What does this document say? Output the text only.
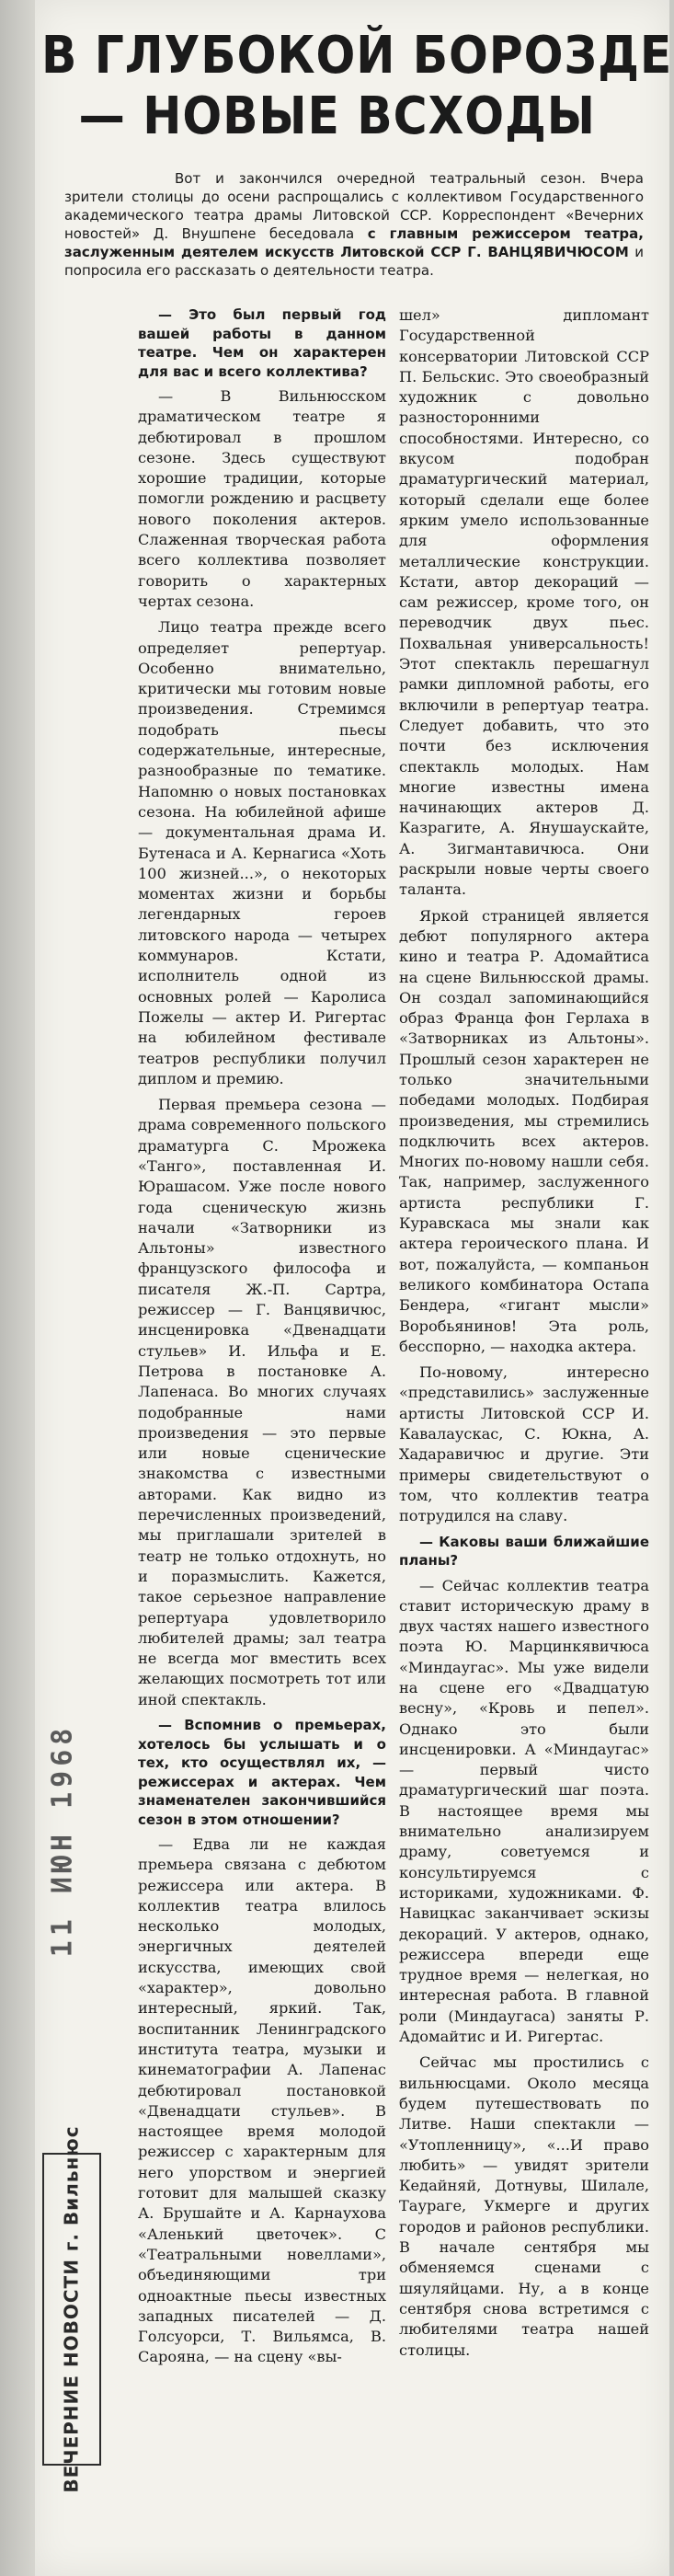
В ГЛУБОКОЙ БОРОЗДЕ
— НОВЫЕ ВСХОДЫ
Вот и закончился очередной театральный сезон. Вчера зрители столицы до осени распрощались с коллективом Государственного академического театра драмы Литовской ССР. Корреспондент «Вечерних новостей» Д. Внушпене беседовала с главным режиссером театра, заслуженным деятелем искусств Литовской ССР Г. ВАНЦЯВИЧЮСОМ и попросила его рассказать о деятельности театра.

— Это был первый год вашей работы в данном театре. Чем он характерен для вас и всего коллектива?

— В Вильнюсском драматическом театре я дебютировал в прошлом сезоне. Здесь существуют хорошие традиции, которые помогли рождению и расцвету нового поколения актеров. Слаженная творческая работа всего коллектива позволяет говорить о характерных чертах сезона.

Лицо театра прежде всего определяет репертуар. Особенно внимательно, критически мы готовим новые произведения. Стремимся подобрать пьесы содержательные, интересные, разнообразные по тематике. Напомню о новых постановках сезона. На юбилейной афише — документальная драма И. Бутенаса и А. Кернагиса «Хоть 100 жизней...», о некоторых моментах жизни и борьбы легендарных героев литовского народа — четырех коммунаров. Кстати, исполнитель одной из основных ролей — Каролиса Пожелы — актер И. Ригертас на юбилейном фестивале театров республики получил диплом и премию.

Первая премьера сезона — драма современного польского драматурга С. Мрожека «Танго», поставленная И. Юрашасом. Уже после нового года сценическую жизнь начали «Затворники из Альтоны» известного французского философа и писателя Ж.-П. Сартра, режиссер — Г. Ванцявичюс, инсценировка «Двенадцати стульев» И. Ильфа и Е. Петрова в постановке А. Лапенаса. Во многих случаях подобранные нами произведения — это первые или новые сценические знакомства с известными авторами. Как видно из перечисленных произведений, мы приглашали зрителей в театр не только отдохнуть, но и поразмыслить. Кажется, такое серьезное направление репертуара удовлетворило любителей драмы; зал театра не всегда мог вместить всех желающих посмотреть тот или иной спектакль.

— Вспомнив о премьерах, хотелось бы услышать и о тех, кто осуществлял их, — режиссерах и актерах. Чем знаменателен закончившийся сезон в этом отношении?

— Едва ли не каждая премьера связана с дебютом режиссера или актера. В коллектив театра влилось несколько молодых, энергичных деятелей искусства, имеющих свой «характер», довольно интересный, яркий. Так, воспитанник Ленинградского института театра, музыки и кинематографии А. Лапенас дебютировал постановкой «Двенадцати стульев». В настоящее время молодой режиссер с характерным для него упорством и энергией готовит для малышей сказку А. Брушайте и А. Карнаухова «Аленький цветочек». С «Театральными новеллами», объединяющими три одноактные пьесы известных западных писателей — Д. Голсуорси, Т. Вильямса, В. Сарояна, — на сцену «вы-

шел» дипломант Государственной консерватории Литовской ССР П. Бельскис. Это своеобразный художник с довольно разносторонними способностями. Интересно, со вкусом подобран драматургический материал, который сделали еще более ярким умело использованные для оформления металлические конструкции. Кстати, автор декораций — сам режиссер, кроме того, он переводчик двух пьес. Похвальная универсальность! Этот спектакль перешагнул рамки дипломной работы, его включили в репертуар театра. Следует добавить, что это почти без исключения спектакль молодых. Нам многие известны имена начинающих актеров Д. Казрагите, А. Янушаускайте, А. Зигмантавичюса. Они раскрыли новые черты своего таланта.

Яркой страницей является дебют популярного актера кино и театра Р. Адомайтиса на сцене Вильнюсской драмы. Он создал запоминающийся образ Франца фон Герлаха в «Затворниках из Альтоны». Прошлый сезон характерен не только значительными победами молодых. Подбирая произведения, мы стремились подключить всех актеров. Многих по-новому нашли себя. Так, например, заслуженного артиста республики Г. Куравскаса мы знали как актера героического плана. И вот, пожалуйста, — компаньон великого комбинатора Остапа Бендера, «гигант мысли» Воробьянинов! Эта роль, бесспорно, — находка актера.

По-новому, интересно «представились» заслуженные артисты Литовской ССР И. Кавалаускас, С. Юкна, А. Хадаравичюс и другие. Эти примеры свидетельствуют о том, что коллектив театра потрудился на славу.

— Каковы ваши ближайшие планы?

— Сейчас коллектив театра ставит историческую драму в двух частях нашего известного поэта Ю. Марцинкявичюса «Миндаугас». Мы уже видели на сцене его «Двадцатую весну», «Кровь и пепел». Однако это были инсценировки. А «Миндаугас» — первый чисто драматургический шаг поэта. В настоящее время мы внимательно анализируем драму, советуемся и консультируемся с историками, художниками. Ф. Навицкас заканчивает эскизы декораций. У актеров, однако, режиссера впереди еще трудное время — нелегкая, но интересная работа. В главной роли (Миндаугаса) заняты Р. Адомайтис и И. Ригертас.

Сейчас мы простились с вильнюсцами. Около месяца будем путешествовать по Литве. Наши спектакли — «Утопленницу», «...И право любить» — увидят зрители Кедайняй, Дотнувы, Шилале, Таураге, Укмерге и других городов и районов республики. В начале сентября мы обменяемся сценами с шяуляйцами. Ну, а в конце сентября снова встретимся с любителями театра нашей столицы.

11 ИЮН 1968
ВЕЧЕРНИЕ НОВОСТИ г. Вильнюс
